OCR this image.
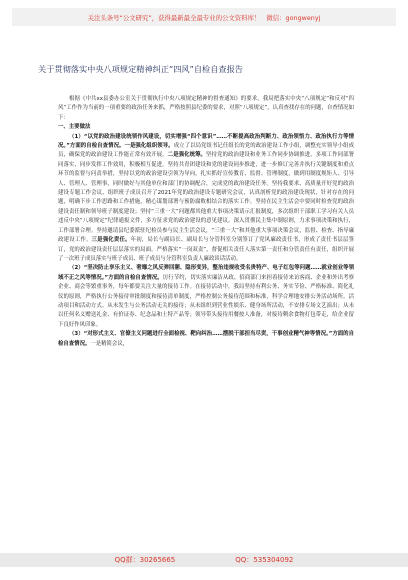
关注头条号“公文研究”，获得最新最全最专业的公文资料库！ 微信：gongwenyj
关于贯彻落实中央八项规定精神纠正“四风”自检自查报告

根据《中共xx县委办公室关于贯彻执行中央八项规定精神的督查通知》的要求，我局把落实中央“八项规定”和反对“四风”工作作为当前的一项重要的政治任务来抓，严格按照县纪委的要求，对照“八项规定”，认真查找存在的问题，自查情况如下：

一、主要做法

（1）“以党的政治建设统领作风建设，切实增强“四个意识”……不断提高政治判断力、政治领悟力、政治执行力等情况。”方面的自检自查情况。一是强化组织领导。成立了以局党组书记任组长的党的政治建设工作小组，调整充实领导小组成员，确保党的政治建设工作能正常有效开展。二是强化统筹。坚持党的政治建设和业务工作同步协调推进，多项工作同部署同落实，同步发挥工作效用，积极相互促进。坚持共青团建设和党的建设同步推进，进一步修订完善并执行关键制度和重点环节的监督与问责举措，坚持以党的政治建设引领为导向，扎实抓好宣传教育、监督、管理制度，做到用制度规矩人、引导人、管理人、管理事，同时做好与其他单位和部门的协调配合，完成党的政治建设任务。坚持我要求、高质量开好党的政治建设专题工作会议，组织班子成员召开了2021年党的政治建设专题研究会议，认真剖析党的政治建设现状，针对存在的问题，明确下步工作思路和工作措施，精心谋划部署与预防腐败相结合的落实工作。坚持在民主生活会中要同时检查党的政治建设责任制和领导班子制度建设；坚持“三重一大”问题都其他重大事项决策请示汇报制度，多次组织干部职工学习有关人员违反中央“八项规定”纪律通报文件，多方征求党的政治建设的意见建议。深入贯彻民主集中制原则，力求事项决策和执行，工作部署合理。坚持邀请县纪委派驻纪检员参与民主生活会议，“三重一大”和其他重大事项决策会议，监督、检查、指导廉政建设工作。三是强化责任。年初，局长与副局长、副局长与分管科室分别签订了党风廉政责任书，形成了责任书层层签订，党的政治建设责任层层落实的局面。严格落实“一岗双责”，督促相关责任人落实第一责任和分管责任有责任，组织开展了一次班子成员落实与班子成员、班子成员与分管科室负责人廉政谈话活动。

（2）“坚决防止享乐主义、奢靡之风反弹回潮、隐形变异，整治违规收受名贵特产、电子红包等问题……就业创业等领域不正之风等情况。”方面的自检自查情况。厉行节约，切实落实廉洁从政、招商部门来担着接待来访客商、企业和外出考察企业、商会等繁重事务，每年都要关注大量的接待工作。在接待活动中，我局坚持有利公务、务实节俭、严格标准、简化礼仪的原则，严格执行公务接待审批制度和接待清单制度，严格控制公务接待范围和标准，科学合理地安排公务活动场所，活动项目和活动方式。从未发生与公务活动无关的接待；从未组织到营业性娱乐、健身场所活动，不安排专场文艺演出；从未以任何名义赠送礼金、有价证券、纪念品和土特产品等；领导带头接待用餐按人准备，对接待剩余食物打包带走，给企业留下良好作风印象。

（3）“对形式主义、官僚主义问题进行全面检视、靶向纠治……摆脱干部担当尽责，干事创业精气神等情况。”方面的自检自查情况。一是精简会议，

QQ群：30265665	QQ：535304092
